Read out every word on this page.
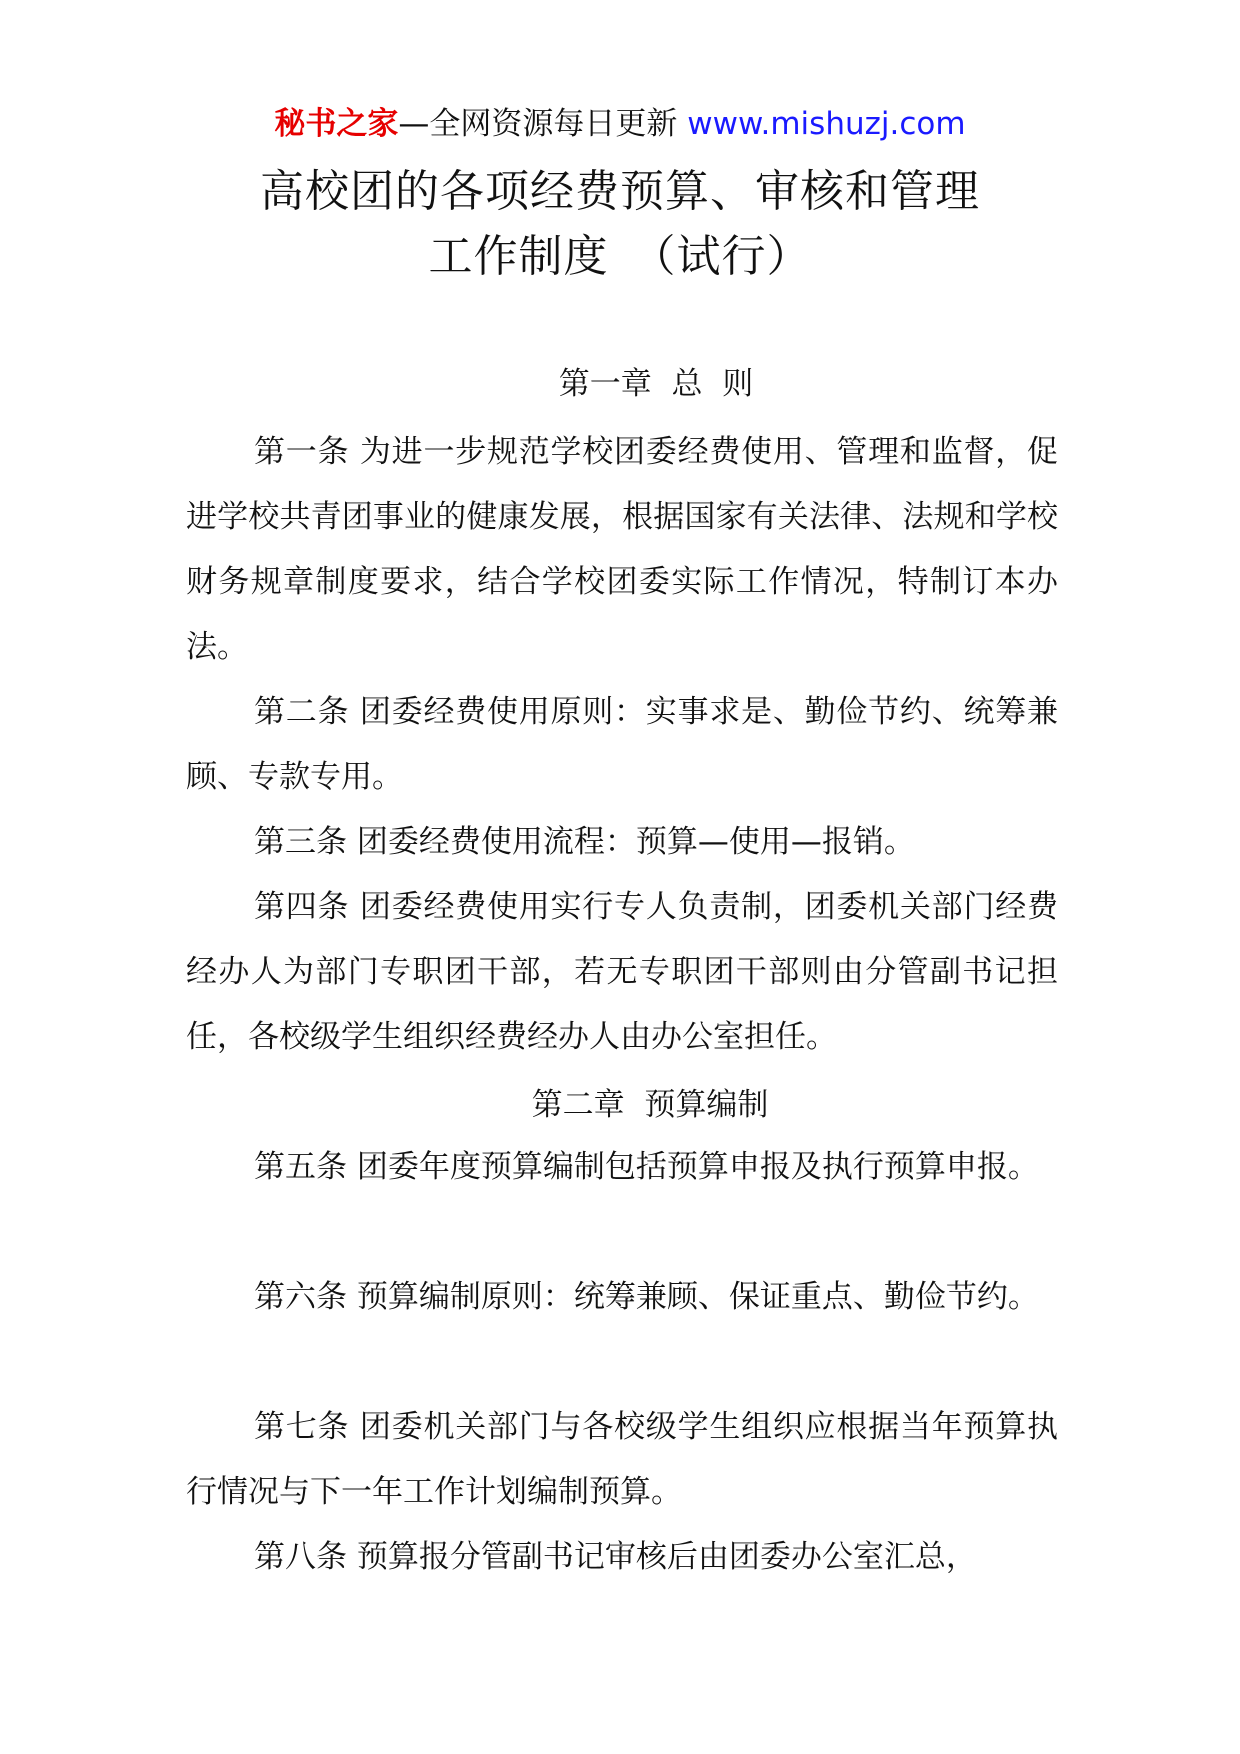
秘书之家—全网资源每日更新 www.mishuzj.com
高校团的各项经费预算、审核和管理
工作制度　（试行）
第一章  总  则

第一条 为进一步规范学校团委经费使用、管理和监督，促进学校共青团事业的健康发展，根据国家有关法律、法规和学校财务规章制度要求，结合学校团委实际工作情况，特制订本办法。

第二条 团委经费使用原则：实事求是、勤俭节约、统筹兼顾、专款专用。

第三条 团委经费使用流程：预算—使用—报销。

第四条 团委经费使用实行专人负责制，团委机关部门经费经办人为部门专职团干部，若无专职团干部则由分管副书记担任，各校级学生组织经费经办人由办公室担任。

第二章  预算编制

第五条 团委年度预算编制包括预算申报及执行预算申报。

第六条 预算编制原则：统筹兼顾、保证重点、勤俭节约。

第七条 团委机关部门与各校级学生组织应根据当年预算执行情况与下一年工作计划编制预算。

第八条 预算报分管副书记审核后由团委办公室汇总，
